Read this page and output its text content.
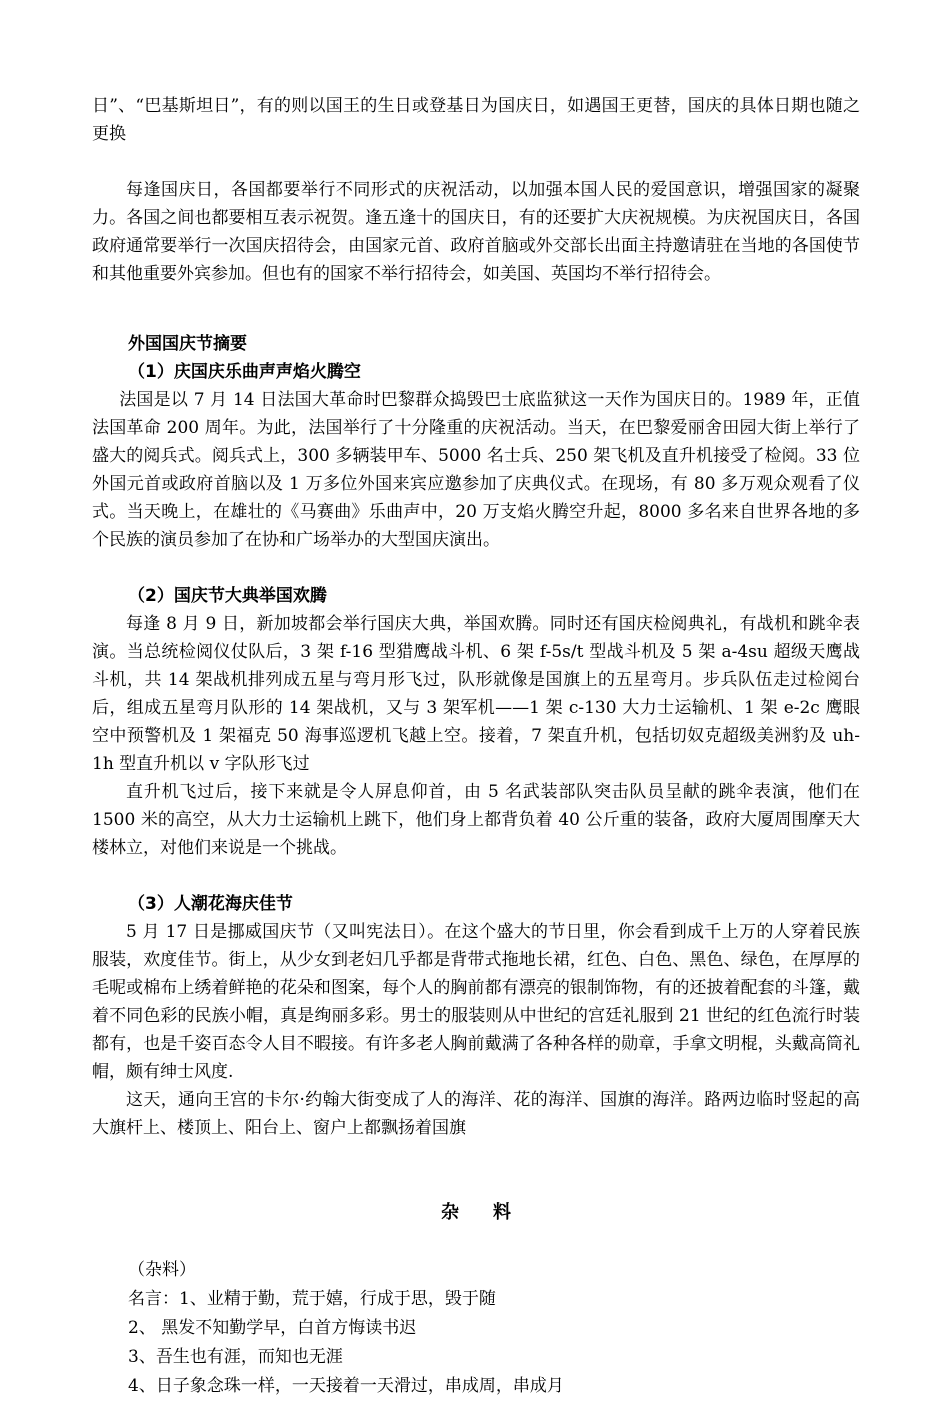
日”、“巴基斯坦日”，有的则以国王的生日或登基日为国庆日，如遇国王更替，国庆的具体日期也随之更换

每逢国庆日，各国都要举行不同形式的庆祝活动，以加强本国人民的爱国意识，增强国家的凝聚力。各国之间也都要相互表示祝贺。逢五逢十的国庆日，有的还要扩大庆祝规模。为庆祝国庆日，各国政府通常要举行一次国庆招待会，由国家元首、政府首脑或外交部长出面主持邀请驻在当地的各国使节和其他重要外宾参加。但也有的国家不举行招待会，如美国、英国均不举行招待会。

外国国庆节摘要
（1）庆国庆乐曲声声焰火腾空

法国是以 7 月 14 日法国大革命时巴黎群众捣毁巴士底监狱这一天作为国庆日的。1989 年，正值法国革命 200 周年。为此，法国举行了十分隆重的庆祝活动。当天，在巴黎爱丽舍田园大街上举行了盛大的阅兵式。阅兵式上，300 多辆装甲车、5000 名士兵、250 架飞机及直升机接受了检阅。33 位外国元首或政府首脑以及 1 万多位外国来宾应邀参加了庆典仪式。在现场，有 80 多万观众观看了仪式。当天晚上，在雄壮的《马赛曲》乐曲声中，20 万支焰火腾空升起，8000 多名来自世界各地的多个民族的演员参加了在协和广场举办的大型国庆演出。

（2）国庆节大典举国欢腾

每逢 8 月 9 日，新加坡都会举行国庆大典，举国欢腾。同时还有国庆检阅典礼，有战机和跳伞表演。当总统检阅仪仗队后，3 架 f-16 型猎鹰战斗机、6 架 f-5s/t 型战斗机及 5 架 a-4su 超级天鹰战斗机，共 14 架战机排列成五星与弯月形飞过，队形就像是国旗上的五星弯月。步兵队伍走过检阅台后，组成五星弯月队形的 14 架战机，又与 3 架军机——1 架 c-130 大力士运输机、1 架 e-2c 鹰眼空中预警机及 1 架福克 50 海事巡逻机飞越上空。接着，7 架直升机，包括切奴克超级美洲豹及 uh-1h 型直升机以 v 字队形飞过

直升机飞过后，接下来就是令人屏息仰首，由 5 名武装部队突击队员呈献的跳伞表演，他们在 1500 米的高空，从大力士运输机上跳下，他们身上都背负着 40 公斤重的装备，政府大厦周围摩天大楼林立，对他们来说是一个挑战。

（3）人潮花海庆佳节

5 月 17 日是挪威国庆节（又叫宪法日）。在这个盛大的节日里，你会看到成千上万的人穿着民族服装，欢度佳节。街上，从少女到老妇几乎都是背带式拖地长裙，红色、白色、黑色、绿色，在厚厚的毛呢或棉布上绣着鲜艳的花朵和图案，每个人的胸前都有漂亮的银制饰物，有的还披着配套的斗篷，戴着不同色彩的民族小帽，真是绚丽多彩。男士的服装则从中世纪的宫廷礼服到 21 世纪的红色流行时装都有，也是千姿百态令人目不暇接。有许多老人胸前戴满了各种各样的勋章，手拿文明棍，头戴高筒礼帽，颇有绅士风度.

这天，通向王宫的卡尔·约翰大街变成了人的海洋、花的海洋、国旗的海洋。路两边临时竖起的高大旗杆上、楼顶上、阳台上、窗户上都飘扬着国旗

杂料
（杂料）
名言：1、业精于勤，荒于嬉，行成于思，毁于随
2、 黑发不知勤学早，白首方悔读书迟
3、吾生也有涯，而知也无涯
4、日子象念珠一样，一天接着一天滑过，串成周，串成月
